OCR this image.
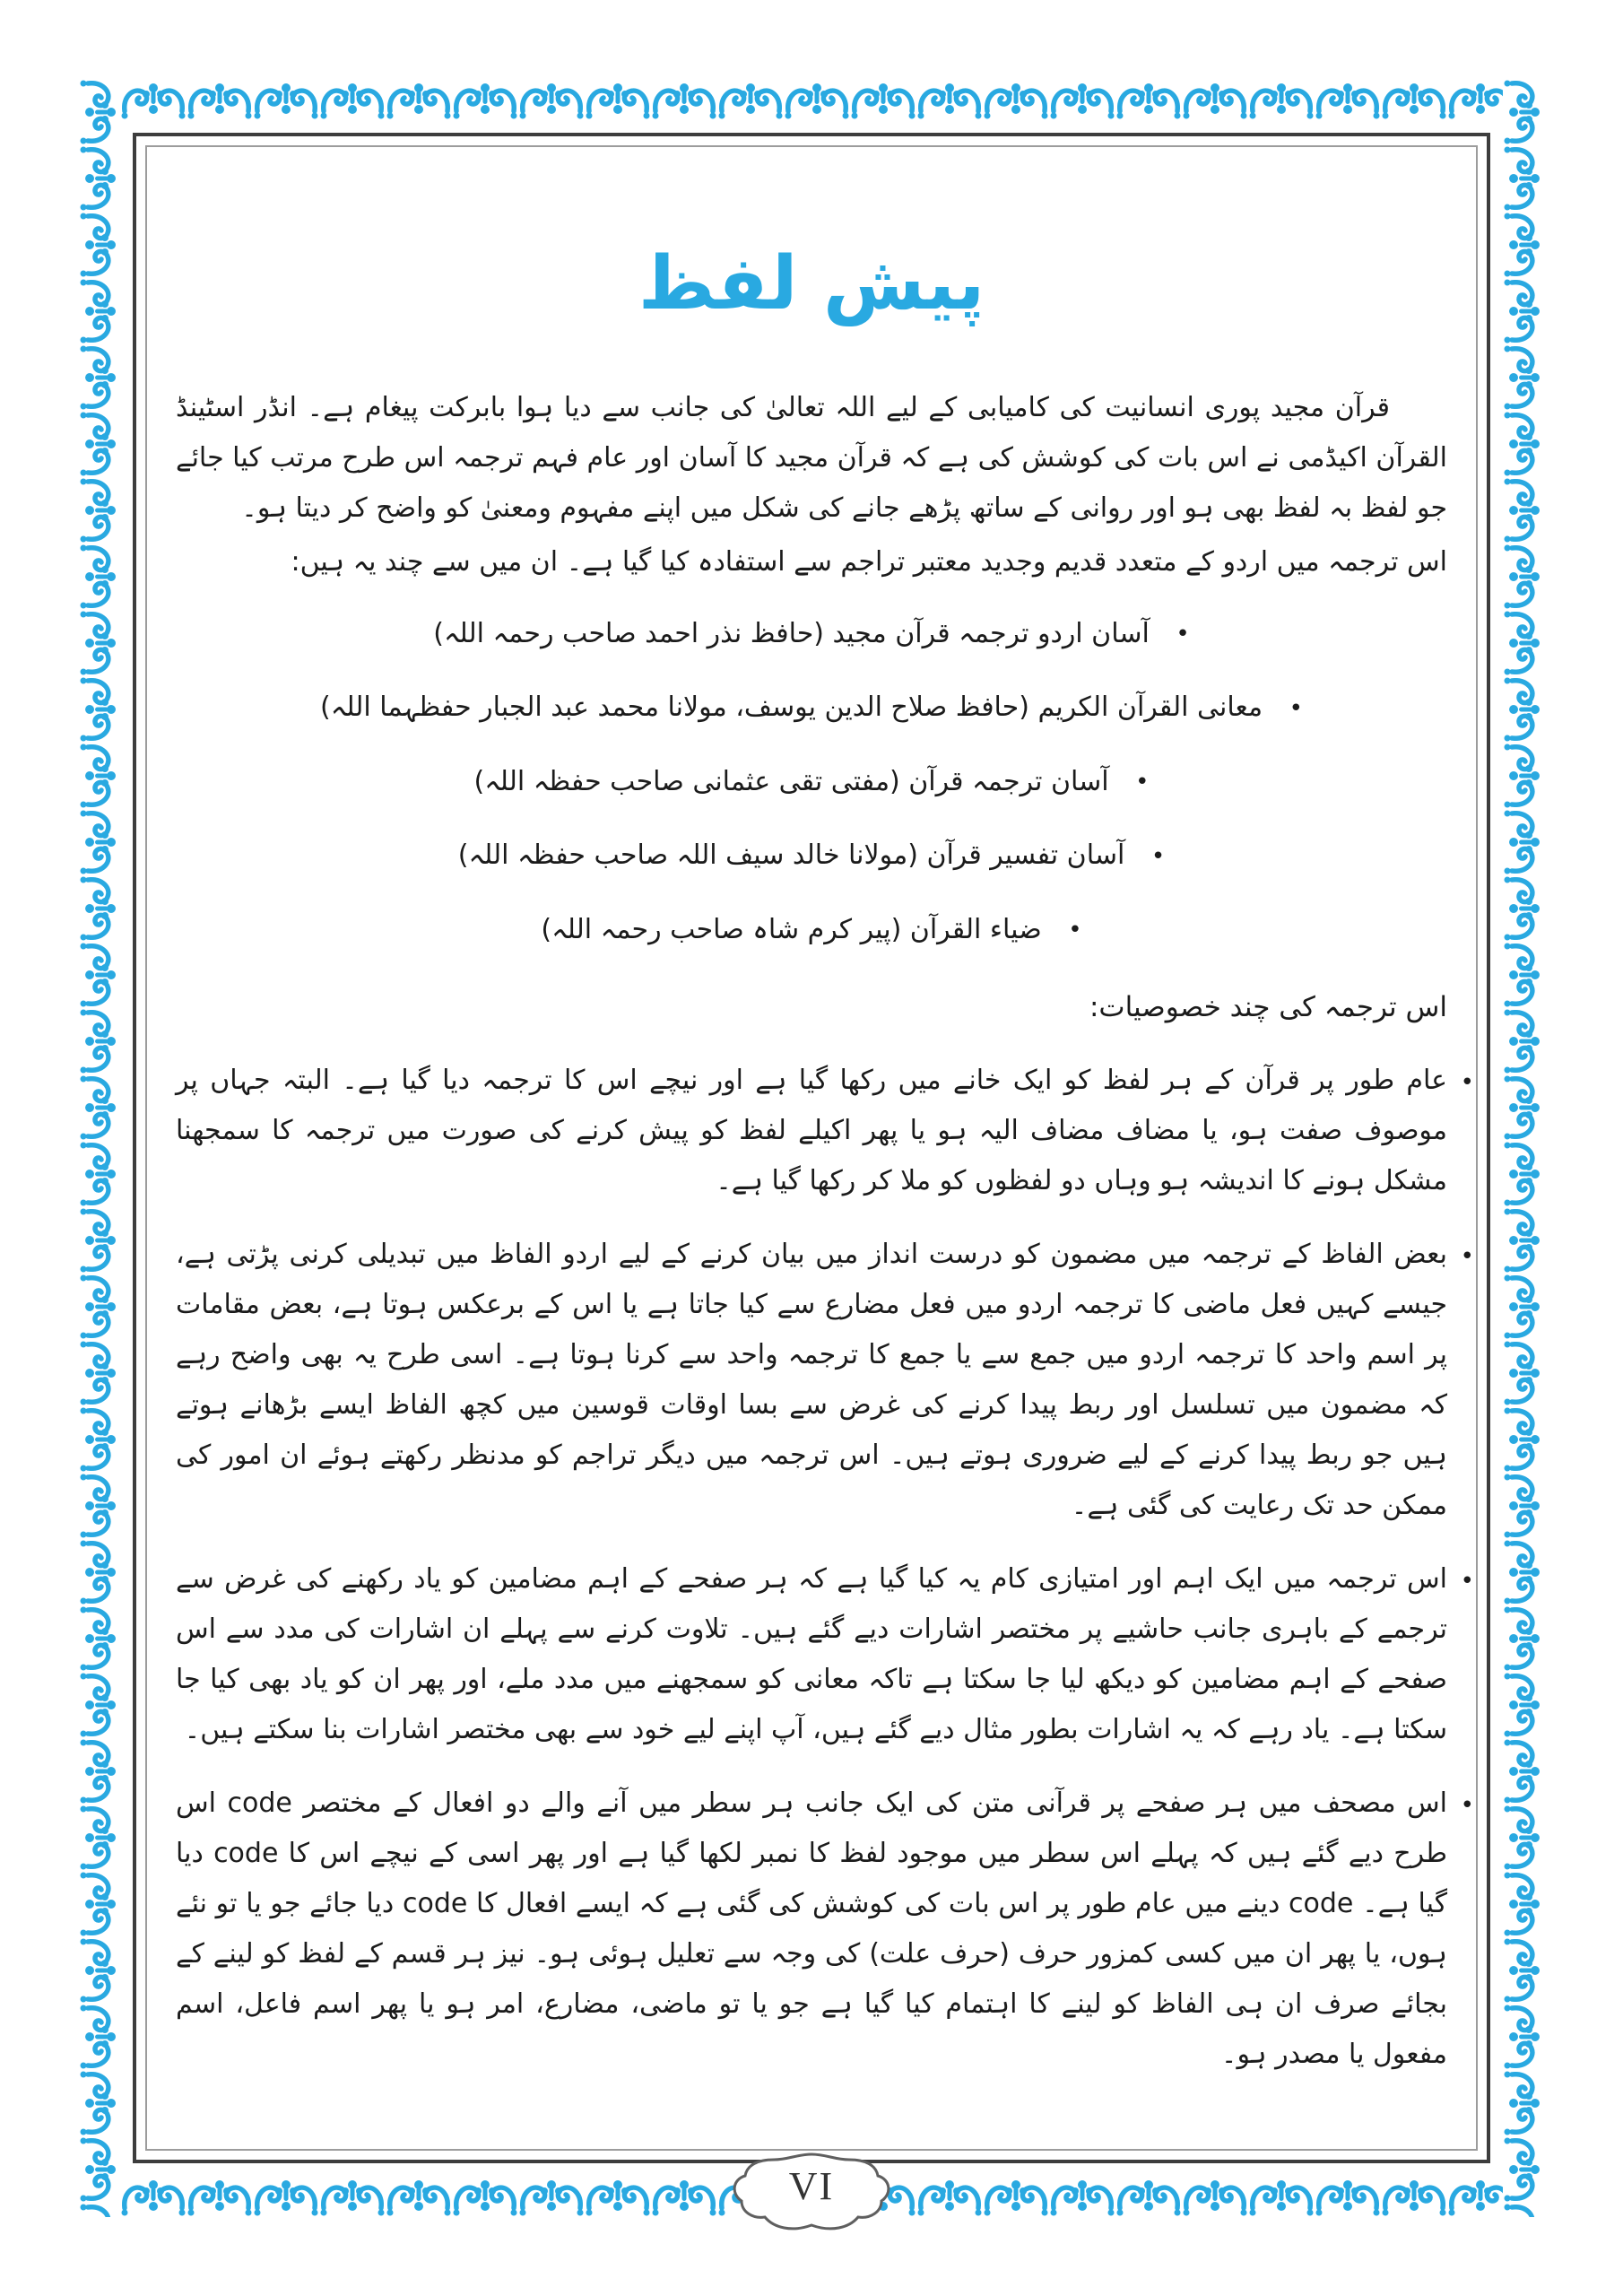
پیش لفظ
قرآن مجید پوری انسانیت کی کامیابی کے لیے اللہ تعالیٰ کی جانب سے دیا ہوا بابرکت پیغام ہے۔ انڈر اسٹینڈ القرآن اکیڈمی نے اس بات کی کوشش کی ہے کہ قرآن مجید کا آسان اور عام فہم ترجمہ اس طرح مرتب کیا جائے جو لفظ بہ لفظ بھی ہو اور روانی کے ساتھ پڑھے جانے کی شکل میں اپنے مفہوم ومعنیٰ کو واضح کر دیتا ہو۔
اس ترجمہ میں اردو کے متعدد قدیم وجدید معتبر تراجم سے استفادہ کیا گیا ہے۔ ان میں سے چند یہ ہیں:
• آسان اردو ترجمہ قرآن مجید (حافظ نذر احمد صاحب رحمہ اللہ)
• معانی القرآن الکریم (حافظ صلاح الدین یوسف، مولانا محمد عبد الجبار حفظہما اللہ)
• آسان ترجمہ قرآن (مفتی تقی عثمانی صاحب حفظہ اللہ)
• آسان تفسیر قرآن (مولانا خالد سیف اللہ صاحب حفظہ اللہ)
• ضیاء القرآن (پیر کرم شاہ صاحب رحمہ اللہ)
اس ترجمہ کی چند خصوصیات:
•
عام طور پر قرآن کے ہر لفظ کو ایک خانے میں رکھا گیا ہے اور نیچے اس کا ترجمہ دیا گیا ہے۔ البتہ جہاں پر موصوف صفت ہو، یا مضاف مضاف الیہ ہو یا پھر اکیلے لفظ کو پیش کرنے کی صورت میں ترجمہ کا سمجھنا مشکل ہونے کا اندیشہ ہو وہاں دو لفظوں کو ملا کر رکھا گیا ہے۔
•
بعض الفاظ کے ترجمہ میں مضمون کو درست انداز میں بیان کرنے کے لیے اردو الفاظ میں تبدیلی کرنی پڑتی ہے، جیسے کہیں فعل ماضی کا ترجمہ اردو میں فعل مضارع سے کیا جاتا ہے یا اس کے برعکس ہوتا ہے، بعض مقامات پر اسم واحد کا ترجمہ اردو میں جمع سے یا جمع کا ترجمہ واحد سے کرنا ہوتا ہے۔ اسی طرح یہ بھی واضح رہے کہ مضمون میں تسلسل اور ربط پیدا کرنے کی غرض سے بسا اوقات قوسین میں کچھ الفاظ ایسے بڑھانے ہوتے ہیں جو ربط پیدا کرنے کے لیے ضروری ہوتے ہیں۔ اس ترجمہ میں دیگر تراجم کو مدنظر رکھتے ہوئے ان امور کی ممکن حد تک رعایت کی گئی ہے۔
•
اس ترجمہ میں ایک اہم اور امتیازی کام یہ کیا گیا ہے کہ ہر صفحے کے اہم مضامین کو یاد رکھنے کی غرض سے ترجمے کے باہری جانب حاشیے پر مختصر اشارات دیے گئے ہیں۔ تلاوت کرنے سے پہلے ان اشارات کی مدد سے اس صفحے کے اہم مضامین کو دیکھ لیا جا سکتا ہے تاکہ معانی کو سمجھنے میں مدد ملے، اور پھر ان کو یاد بھی کیا جا سکتا ہے۔ یاد رہے کہ یہ اشارات بطور مثال دیے گئے ہیں، آپ اپنے لیے خود سے بھی مختصر اشارات بنا سکتے ہیں۔
•
اس مصحف میں ہر صفحے پر قرآنی متن کی ایک جانب ہر سطر میں آنے والے دو افعال کے مختصر code اس طرح دیے گئے ہیں کہ پہلے اس سطر میں موجود لفظ کا نمبر لکھا گیا ہے اور پھر اسی کے نیچے اس کا code دیا گیا ہے۔ code دینے میں عام طور پر اس بات کی کوشش کی گئی ہے کہ ایسے افعال کا code دیا جائے جو یا تو نئے ہوں، یا پھر ان میں کسی کمزور حرف (حرف علت) کی وجہ سے تعلیل ہوئی ہو۔ نیز ہر قسم کے لفظ کو لینے کے بجائے صرف ان ہی الفاظ کو لینے کا اہتمام کیا گیا ہے جو یا تو ماضی، مضارع، امر ہو یا پھر اسم فاعل، اسم مفعول یا مصدر ہو۔
VI
